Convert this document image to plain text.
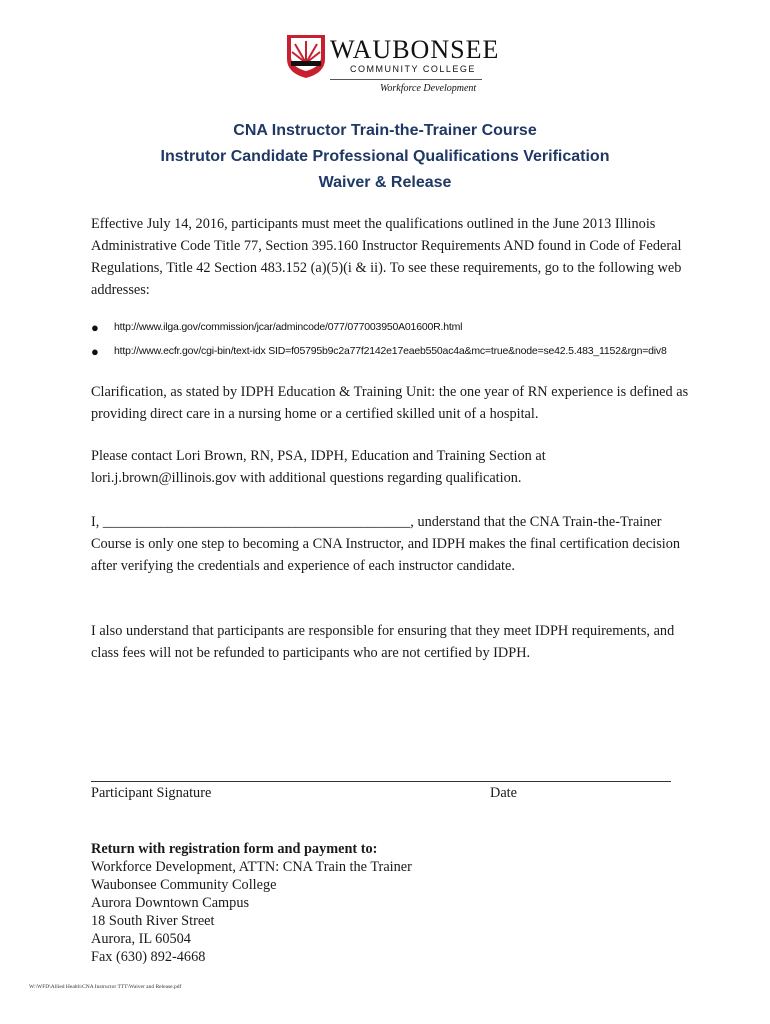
WAUBONSEE
COMMUNITY COLLEGE
Workforce Development
CNA Instructor Train-the-Trainer Course
Instrutor Candidate Professional Qualifications Verification
Waiver & Release
Effective July 14, 2016, participants must meet the qualifications outlined in the June 2013 Illinois Administrative Code Title 77, Section 395.160 Instructor Requirements AND found in Code of Federal Regulations, Title 42 Section 483.152 (a)(5)(i & ii). To see these requirements, go to the following web addresses:
● http://www.ilga.gov/commission/jcar/admincode/077/077003950A01600R.html
● http://www.ecfr.gov/cgi-bin/text-idx SID=f05795b9c2a77f2142e17eaeb550ac4a&mc=true&node=se42.5.483_1152&rgn=div8
Clarification, as stated by IDPH Education & Training Unit: the one year of RN experience is defined as providing direct care in a nursing home or a certified skilled unit of a hospital.
Please contact Lori Brown, RN, PSA, IDPH, Education and Training Section at lori.j.brown@illinois.gov with additional questions regarding qualification.
I, ___________________________________________, understand that the CNA Train-the-Trainer Course is only one step to becoming a CNA Instructor, and IDPH makes the final certification decision after verifying the credentials and experience of each instructor candidate.
I also understand that participants are responsible for ensuring that they meet IDPH requirements, and class fees will not be refunded to participants who are not certified by IDPH.
Participant Signature	Date
Return with registration form and payment to:
Workforce Development, ATTN: CNA Train the Trainer
Waubonsee Community College
Aurora Downtown Campus
18 South River Street
Aurora, IL 60504
Fax (630) 892-4668
W:\WFD\Allied Health\CNA Instructor TTT\Waiver and Release.pdf
